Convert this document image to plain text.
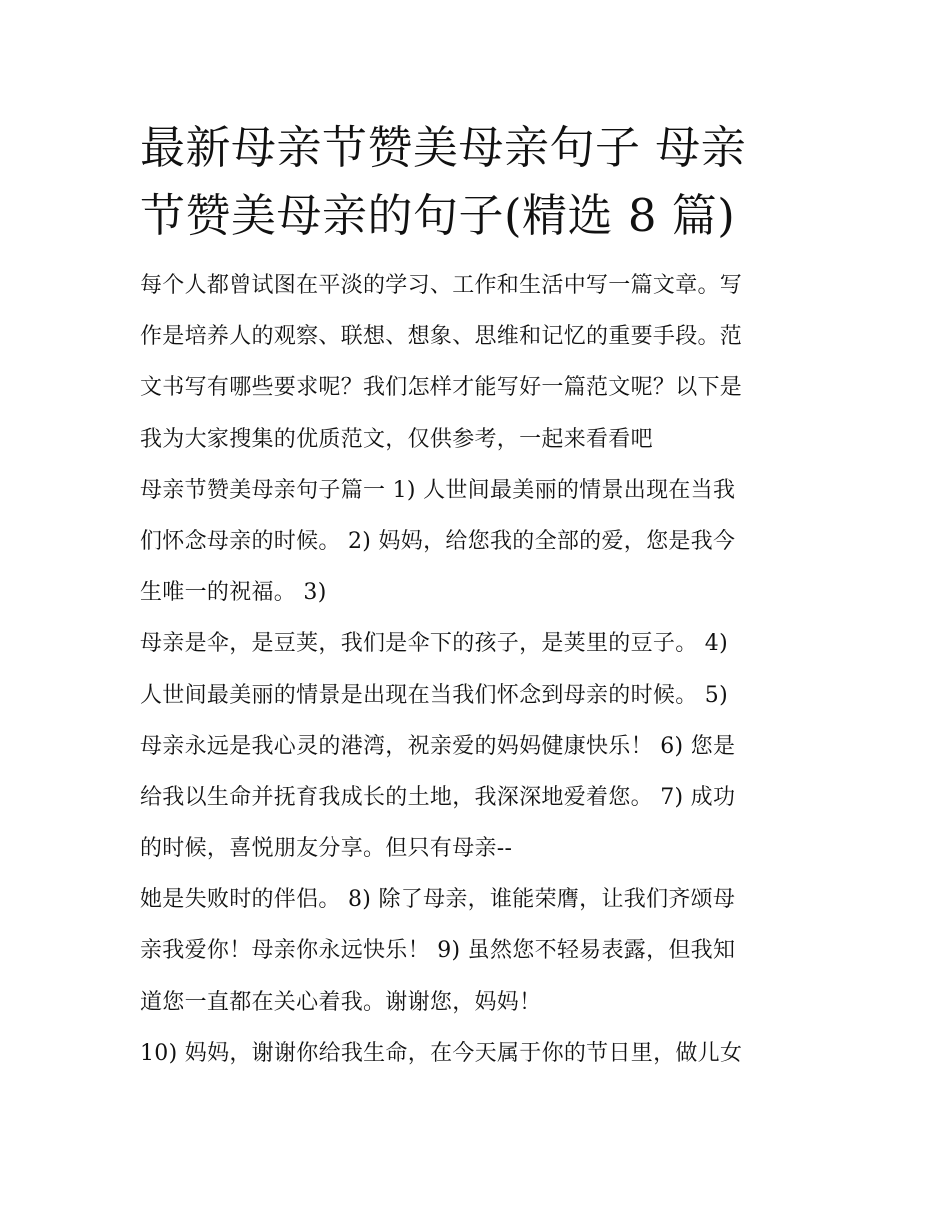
最新母亲节赞美母亲句子 母亲
节赞美母亲的句子(精选 8 篇)
每个人都曾试图在平淡的学习、工作和生活中写一篇文章。写
作是培养人的观察、联想、想象、思维和记忆的重要手段。范
文书写有哪些要求呢？我们怎样才能写好一篇范文呢？以下是
我为大家搜集的优质范文，仅供参考，一起来看看吧
母亲节赞美母亲句子篇一 1) 人世间最美丽的情景出现在当我
们怀念母亲的时候。 2) 妈妈，给您我的全部的爱，您是我今
生唯一的祝福。 3)
母亲是伞，是豆荚，我们是伞下的孩子，是荚里的豆子。 4)
人世间最美丽的情景是出现在当我们怀念到母亲的时候。 5)
母亲永远是我心灵的港湾，祝亲爱的妈妈健康快乐！ 6) 您是
给我以生命并抚育我成长的土地，我深深地爱着您。 7) 成功
的时候，喜悦朋友分享。但只有母亲--
她是失败时的伴侣。 8) 除了母亲，谁能荣膺，让我们齐颂母
亲我爱你！母亲你永远快乐！ 9) 虽然您不轻易表露，但我知
道您一直都在关心着我。谢谢您，妈妈！
10) 妈妈，谢谢你给我生命，在今天属于你的节日里，做儿女
